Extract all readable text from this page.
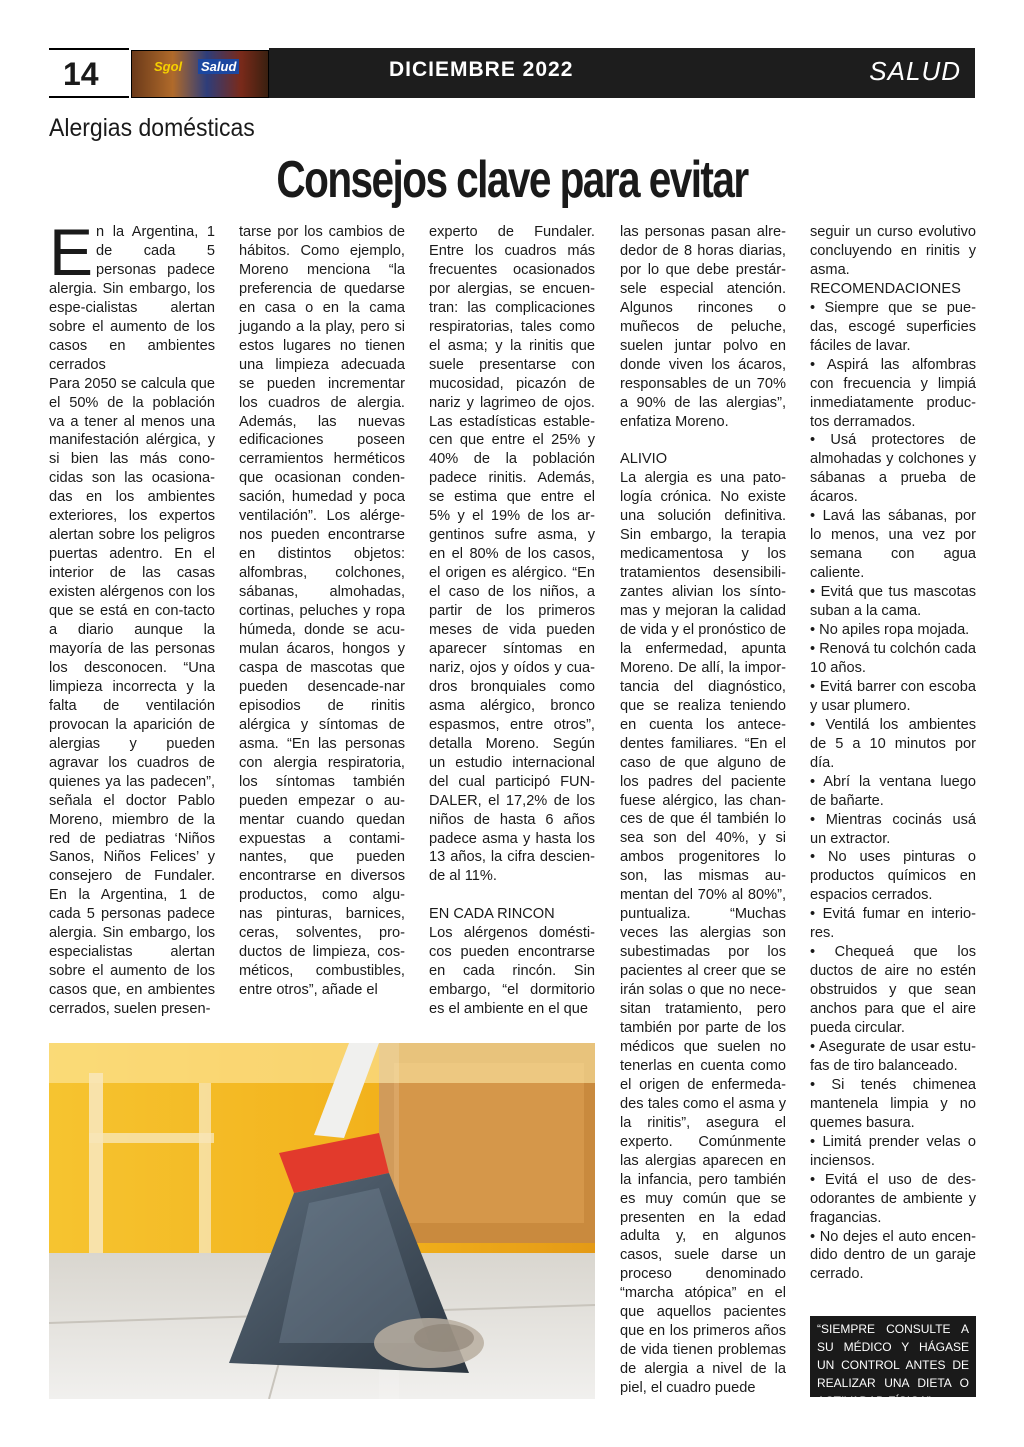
14	Sgol Salud	DICIEMBRE 2022	SALUD
Alergias domésticas
Consejos clave para evitar

En la Argentina, 1 de cada 5 personas padece alergia. Sin embargo, los espe-cialistas alertan sobre el aumento de los casos en ambientes cerrados

Para 2050 se calcula que el 50% de la población va a tener al menos una manifestación alérgica, y si bien las más cono-cidas son las ocasiona-das en los ambientes exteriores, los expertos alertan sobre los peligros puertas adentro. En el interior de las casas existen alérgenos con los que se está en con-tacto a diario aunque la mayoría de las personas los desconocen. “Una limpieza incorrecta y la falta de ventilación provocan la aparición de alergias y pueden agravar los cuadros de quienes ya las padecen”, señala el doctor Pablo Moreno, miembro de la red de pediatras ‘Niños Sanos, Niños Felices’ y consejero de Fundaler. En la Argentina, 1 de cada 5 personas padece alergia. Sin embargo, los especialistas alertan sobre el aumento de los casos que, en ambientes cerrados, suelen presen-

tarse por los cambios de hábitos. Como ejemplo, Moreno menciona “la preferencia de quedarse en casa o en la cama jugando a la play, pero si estos lugares no tienen una limpieza adecuada se pueden incrementar los cuadros de alergia. Además, las nuevas edificaciones poseen cerramientos herméticos que ocasionan conden-sación, humedad y poca ventilación”. Los alérge-nos pueden encontrarse en distintos objetos: alfombras, colchones, sábanas, almohadas, cortinas, peluches y ropa húmeda, donde se acu-mulan ácaros, hongos y caspa de mascotas que pueden desencade-nar episodios de rinitis alérgica y síntomas de asma. “En las personas con alergia respiratoria, los síntomas también pueden empezar o au-mentar cuando quedan expuestas a contami-nantes, que pueden encontrarse en diversos productos, como algu-nas pinturas, barnices, ceras, solventes, pro-ductos de limpieza, cos-méticos, combustibles, entre otros”, añade el

experto de Fundaler. Entre los cuadros más frecuentes ocasionados por alergias, se encuen-tran: las complicaciones respiratorias, tales como el asma; y la rinitis que suele presentarse con mucosidad, picazón de nariz y lagrimeo de ojos. Las estadísticas estable-cen que entre el 25% y 40% de la población padece rinitis. Además, se estima que entre el 5% y el 19% de los ar-gentinos sufre asma, y en el 80% de los casos, el origen es alérgico. “En el caso de los niños, a partir de los primeros meses de vida pueden aparecer síntomas en nariz, ojos y oídos y cua-dros bronquiales como asma alérgico, bronco espasmos, entre otros”, detalla Moreno. Según un estudio internacional del cual participó FUN-DALER, el 17,2% de los niños de hasta 6 años padece asma y hasta los 13 años, la cifra descien-de al 11%.

EN CADA RINCON

Los alérgenos domésti-cos pueden encontrarse en cada rincón. Sin embargo, “el dormitorio es el ambiente en el que

las personas pasan alre-dedor de 8 horas diarias, por lo que debe prestár-sele especial atención. Algunos rincones o muñecos de peluche, suelen juntar polvo en donde viven los ácaros, responsables de un 70% a 90% de las alergias”, enfatiza Moreno.

ALIVIO

La alergia es una pato-logía crónica. No existe una solución definitiva. Sin embargo, la terapia medicamentosa y los tratamientos desensibili-zantes alivian los sínto-mas y mejoran la calidad de vida y el pronóstico de la enfermedad, apunta Moreno. De allí, la impor-tancia del diagnóstico, que se realiza teniendo en cuenta los antece-dentes familiares. “En el caso de que alguno de los padres del paciente fuese alérgico, las chan-ces de que él también lo sea son del 40%, y si ambos progenitores lo son, las mismas au-mentan del 70% al 80%”, puntualiza. “Muchas veces las alergias son subestimadas por los pacientes al creer que se irán solas o que no nece-sitan tratamiento, pero también por parte de los médicos que suelen no tenerlas en cuenta como el origen de enfermeda-des tales como el asma y la rinitis”, asegura el experto. Comúnmente las alergias aparecen en la infancia, pero también es muy común que se presenten en la edad adulta y, en algunos casos, suele darse un proceso denominado “marcha atópica” en el que aquellos pacientes que en los primeros años de vida tienen problemas de alergia a nivel de la piel, el cuadro puede

seguir un curso evolutivo concluyendo en rinitis y asma.

RECOMENDACIONES

• Siempre que se pue-das, escogé superficies fáciles de lavar.

• Aspirá las alfombras con frecuencia y limpiá inmediatamente produc-tos derramados.

• Usá protectores de almohadas y colchones y sábanas a prueba de ácaros.

• Lavá las sábanas, por lo menos, una vez por semana con agua caliente.

• Evitá que tus mascotas suban a la cama.

• No apiles ropa mojada.

• Renová tu colchón cada 10 años.

• Evitá barrer con escoba y usar plumero.

• Ventilá los ambientes de 5 a 10 minutos por día.

• Abrí la ventana luego de bañarte.

• Mientras cocinás usá un extractor.

• No uses pinturas o productos químicos en espacios cerrados.

• Evitá fumar en interio-res.

• Chequeá que los ductos de aire no estén obstruidos y que sean anchos para que el aire pueda circular.

• Asegurate de usar estu-fas de tiro balanceado.

• Si tenés chimenea mantenela limpia y no quemes basura.

• Limitá prender velas o inciensos.

• Evitá el uso de des-odorantes de ambiente y fragancias.

• No dejes el auto encen-dido dentro de un garaje cerrado.

“SIEMPRE CONSULTE A SU MÉDICO Y HÁGASE UN CONTROL ANTES DE REALIZAR UNA DIETA O ACTIVADAD FÍSICA”
